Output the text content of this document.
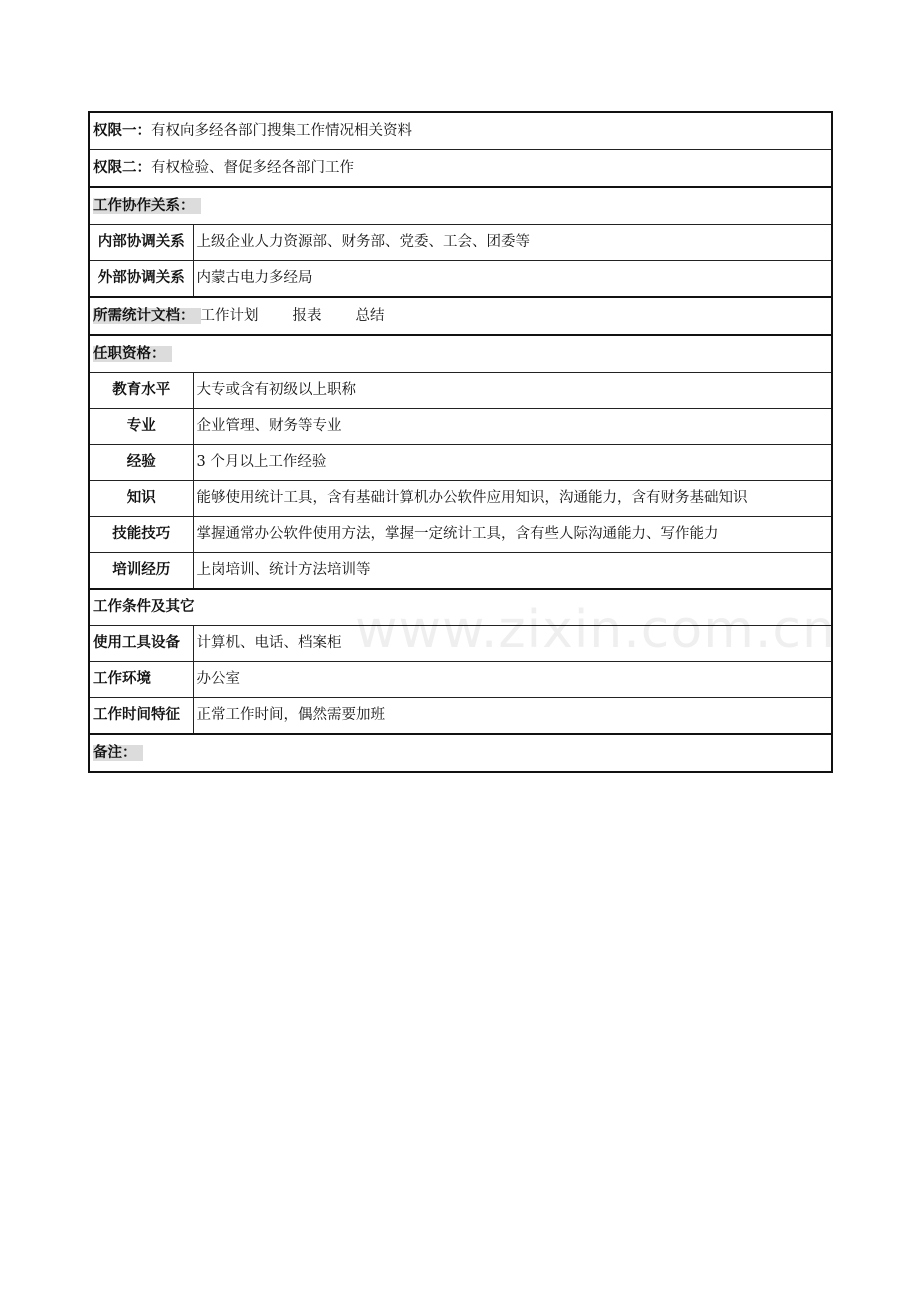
权限一：有权向多经各部门搜集工作情况相关资料	
权限二：有权检验、督促多经各部门工作	
工作协作关系：	
内部协调关系	上级企业人力资源部、财务部、党委、工会、团委等
外部协调关系	内蒙古电力多经局
所需统计文档： 工作计划 报表 总结	
任职资格：	
教育水平	大专或含有初级以上职称
专业	企业管理、财务等专业
经验	3 个月以上工作经验
知识	能够使用统计工具，含有基础计算机办公软件应用知识，沟通能力，含有财务基础知识
技能技巧	掌握通常办公软件使用方法，掌握一定统计工具，含有些人际沟通能力、写作能力
培训经历	上岗培训、统计方法培训等
工作条件及其它	
使用工具设备	计算机、电话、档案柜
工作环境	办公室
工作时间特征	正常工作时间，偶然需要加班
备注：	
www.zixin.com.cn
